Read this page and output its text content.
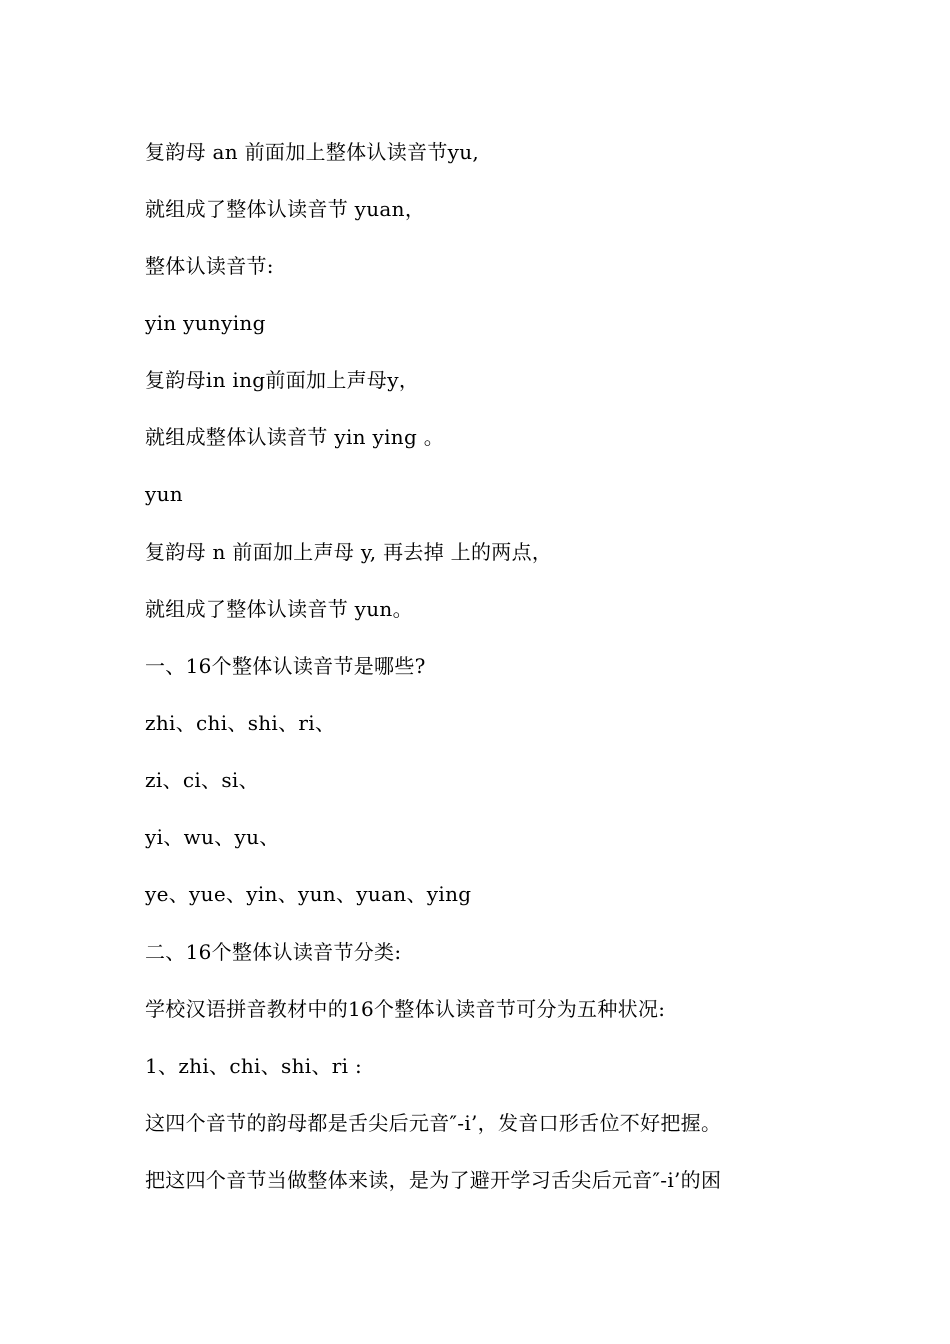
复韵母 an 前面加上整体认读音节yu,
就组成了整体认读音节 yuan，
整体认读音节:
yin yunying
复韵母in ing前面加上声母y，
就组成整体认读音节 yin ying 。
yun
复韵母 n 前面加上声母 y, 再去掉 上的两点，
就组成了整体认读音节 yun。
一、16个整体认读音节是哪些?
zhi、chi、shi、ri、
zi、ci、si、
yi、wu、yu、
ye、yue、yin、yun、yuan、ying
二、16个整体认读音节分类:
学校汉语拼音教材中的16个整体认读音节可分为五种状况:
1、zhi、chi、shi、ri :
这四个音节的韵母都是舌尖后元音″-i’，发音口形舌位不好把握。
把这四个音节当做整体来读，是为了避开学习舌尖后元音″-i’的困
